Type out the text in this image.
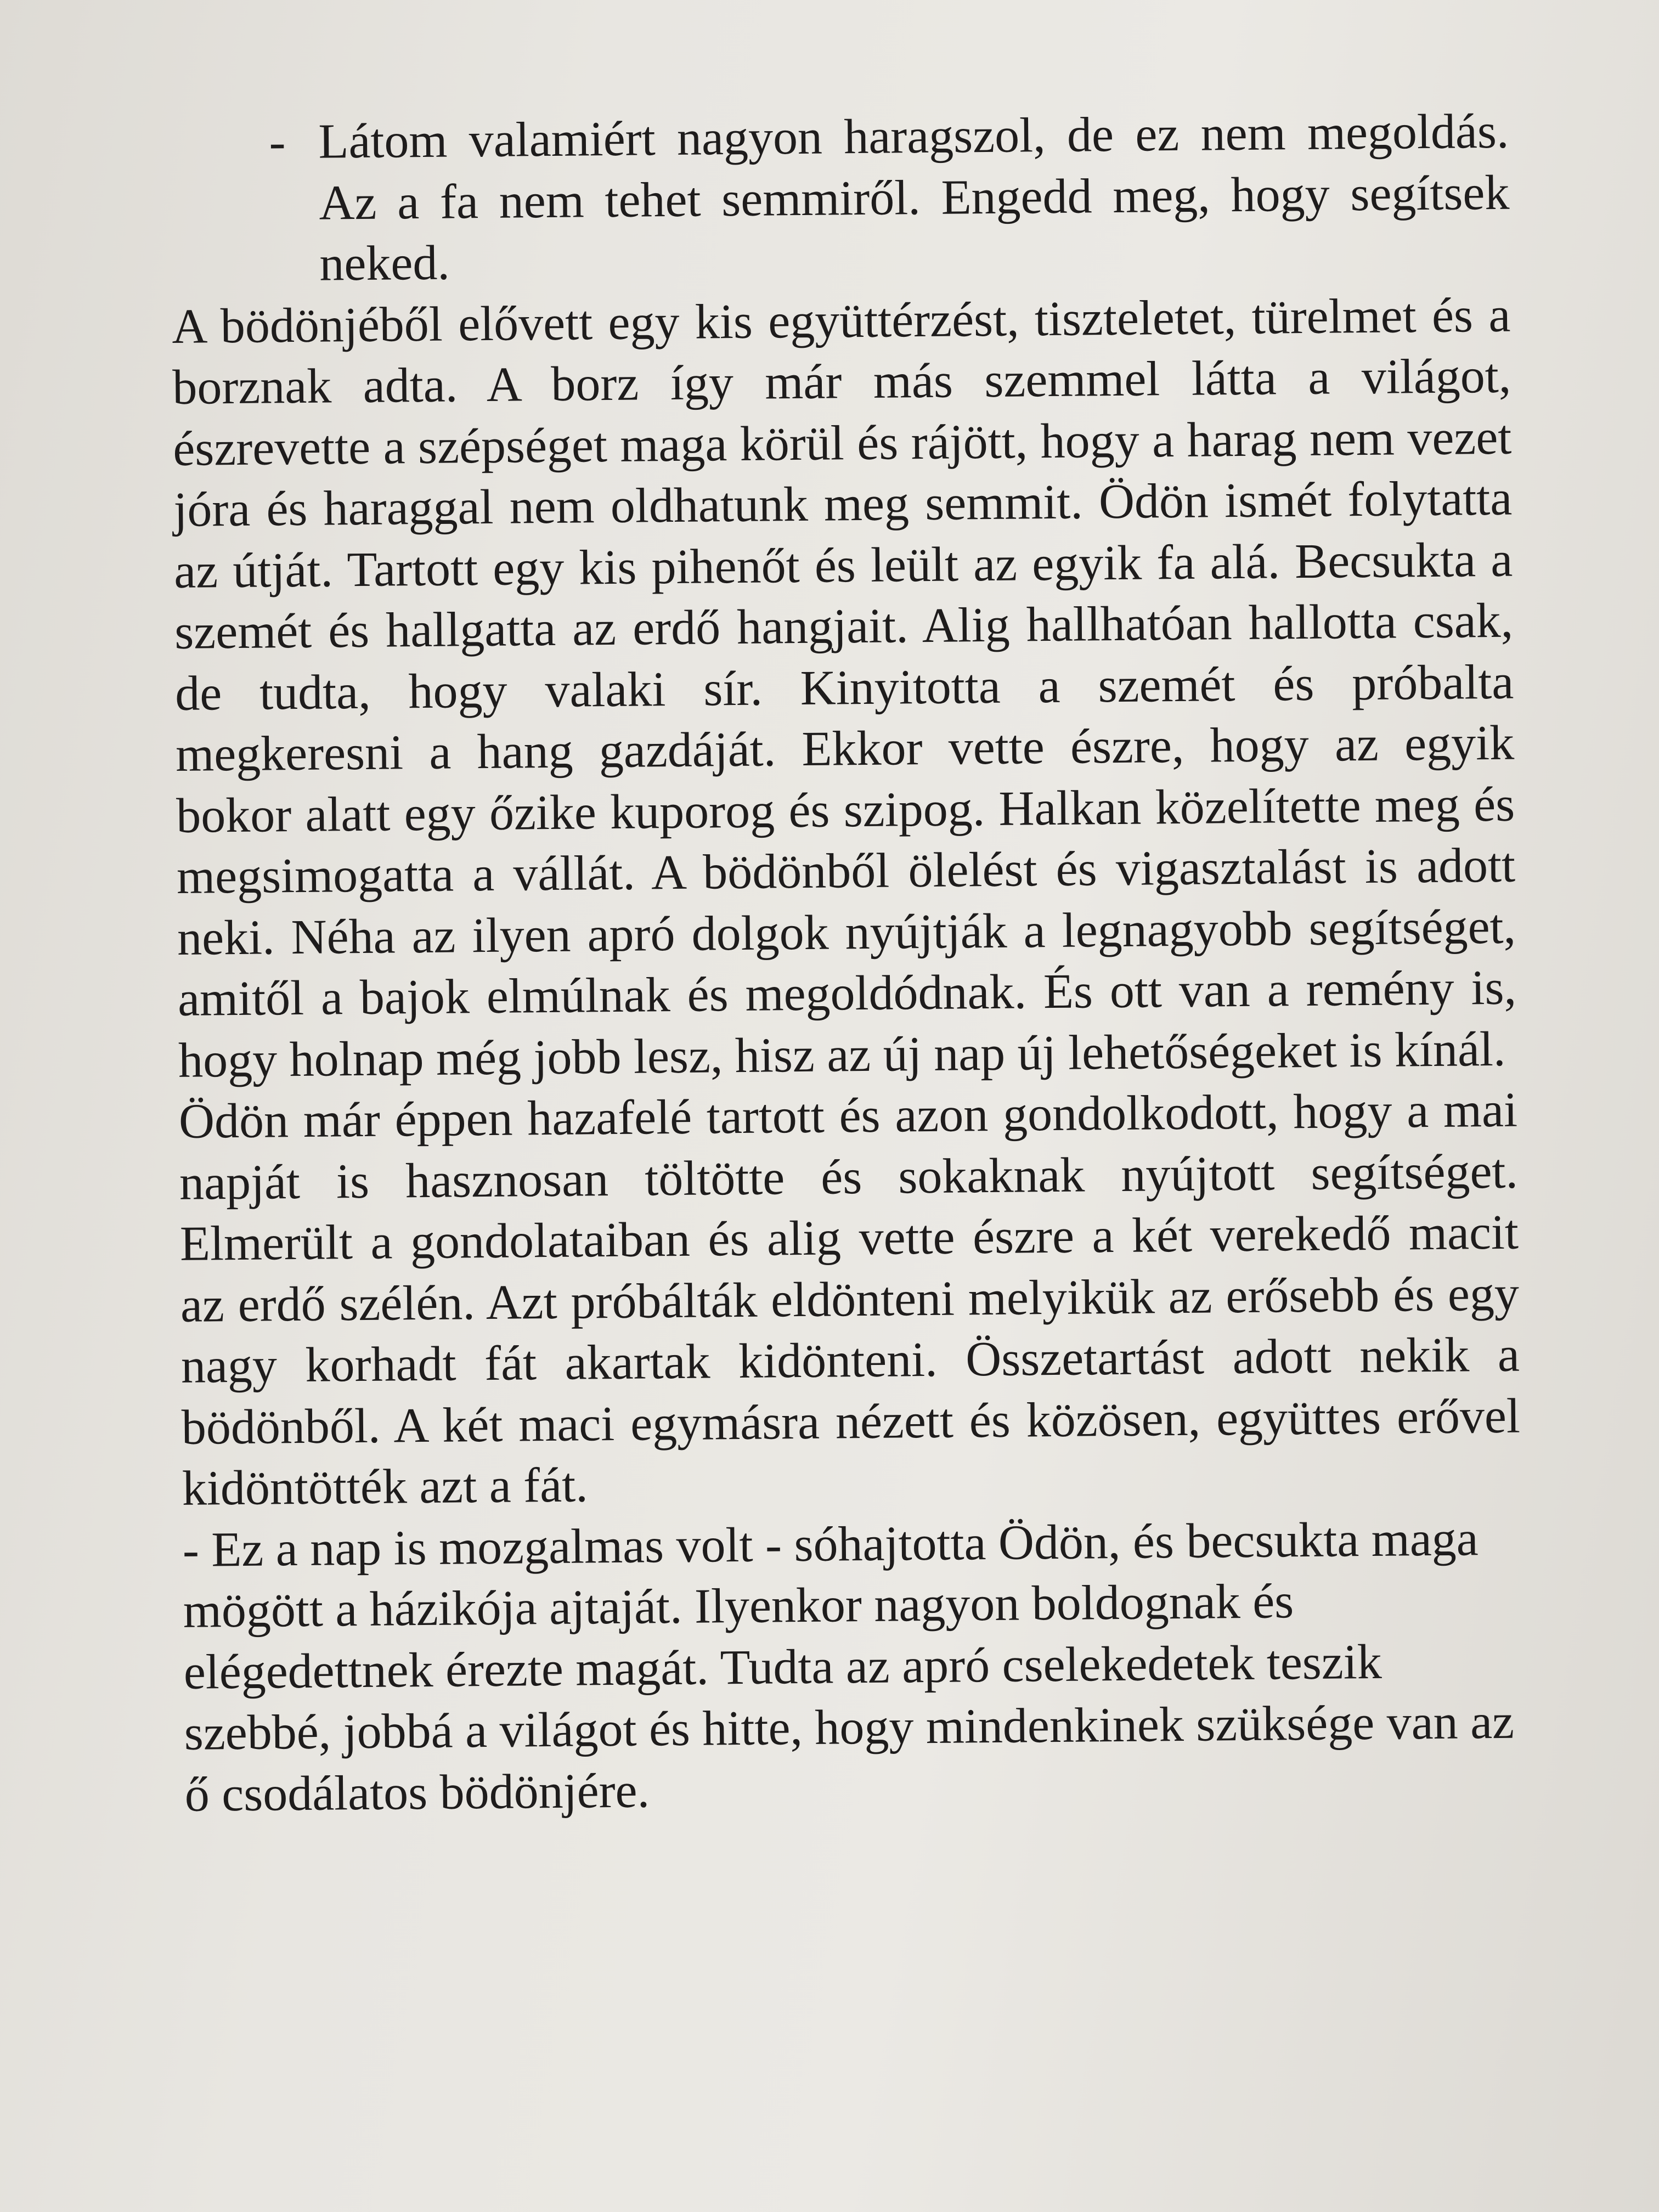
- Látom valamiért nagyon haragszol, de ez nem megoldás. Az a fa nem tehet semmiről. Engedd meg, hogy segítsek neked.

A bödönjéből elővett egy kis együttérzést, tiszteletet, türelmet és a borznak adta. A borz így már más szemmel látta a világot, észrevette a szépséget maga körül és rájött, hogy a harag nem vezet jóra és haraggal nem oldhatunk meg semmit. Ödön ismét folytatta az útját. Tartott egy kis pihenőt és leült az egyik fa alá. Becsukta a szemét és hallgatta az erdő hangjait. Alig hallhatóan hallotta csak, de tudta, hogy valaki sír. Kinyitotta a szemét és próbalta megkeresni a hang gazdáját. Ekkor vette észre, hogy az egyik bokor alatt egy őzike kuporog és szipog. Halkan közelítette meg és megsimogatta a vállát. A bödönből ölelést és vigasztalást is adott neki. Néha az ilyen apró dolgok nyújtják a legnagyobb segítséget, amitől a bajok elmúlnak és megoldódnak. És ott van a remény is, hogy holnap még jobb lesz, hisz az új nap új lehetőségeket is kínál.

Ödön már éppen hazafelé tartott és azon gondolkodott, hogy a mai napját is hasznosan töltötte és sokaknak nyújtott segítséget. Elmerült a gondolataiban és alig vette észre a két verekedő macit az erdő szélén. Azt próbálták eldönteni melyikük az erősebb és egy nagy korhadt fát akartak kidönteni. Összetartást adott nekik a bödönből. A két maci egymásra nézett és közösen, együttes erővel kidöntötték azt a fát.

- Ez a nap is mozgalmas volt - sóhajtotta Ödön, és becsukta maga mögött a házikója ajtaját. Ilyenkor nagyon boldognak és elégedettnek érezte magát. Tudta az apró cselekedetek teszik szebbé, jobbá a világot és hitte, hogy mindenkinek szüksége van az ő csodálatos bödönjére.
